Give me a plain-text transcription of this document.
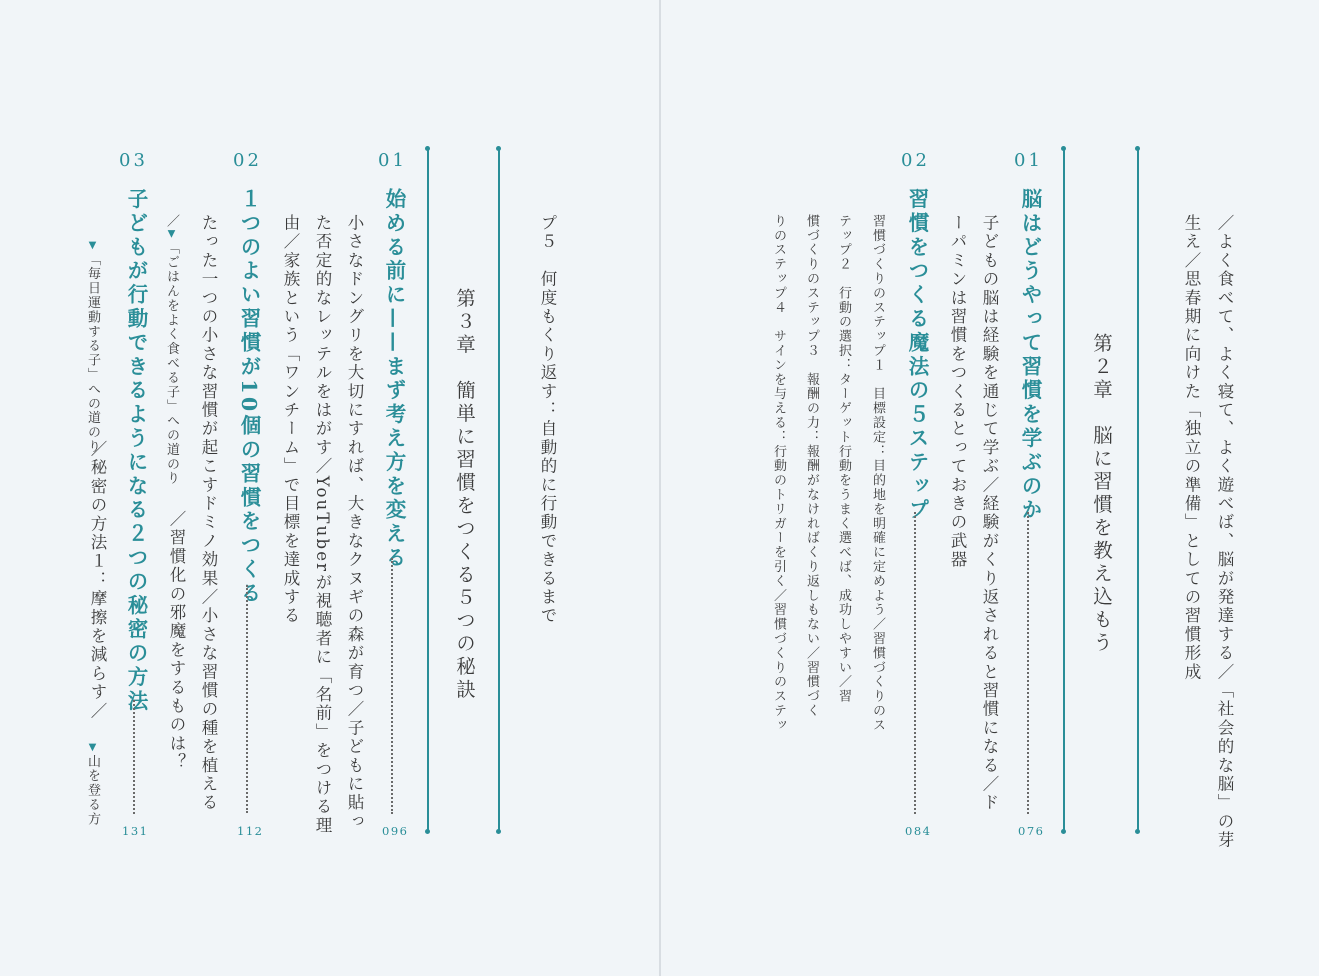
03
子どもが行動できるようになる２つの秘密の方法
131
▼「毎日運動する子」への道のり
／秘密の方法１：摩擦を減らす／
▼山を登る方
02
１つのよい習慣が10個の習慣をつくる
112
たった一つの小さな習慣が起こすドミノ効果／小さな習慣の種を植える
／▼「ごはんをよく食べる子」への道のり
／習慣化の邪魔をするものは？
01
始める前に——まず考え方を変える
096
小さなドングリを大切にすれば、大きなクヌギの森が育つ／子どもに貼っ
た否定的なレッテルをはがす／YouTuberが視聴者に「名前」をつける理
由／家族という「ワンチーム」で目標を達成する	第３章　簡単に習慣をつくる５つの秘訣	プ５　何度もくり返す：自動的に行動できるまで
02
習慣をつくる魔法の５ステップ
084
習慣づくりのステップ１　目標設定：目的地を明確に定めよう／習慣づくりのス
テップ２　行動の選択：ターゲット行動をうまく選べば、成功しやすい／習
慣づくりのステップ３　報酬の力：報酬がなければくり返しもない／習慣づく
りのステップ４　サインを与える：行動のトリガーを引く／習慣づくりのステッ
01
脳はどうやって習慣を学ぶのか
076
子どもの脳は経験を通じて学ぶ／経験がくり返されると習慣になる／ド
ーパミンは習慣をつくるとっておきの武器	第２章　脳に習慣を教え込もう	／よく食べて、よく寝て、よく遊べば、脳が発達する／「社会的な脳」の芽
生え／思春期に向けた「独立の準備」としての習慣形成
